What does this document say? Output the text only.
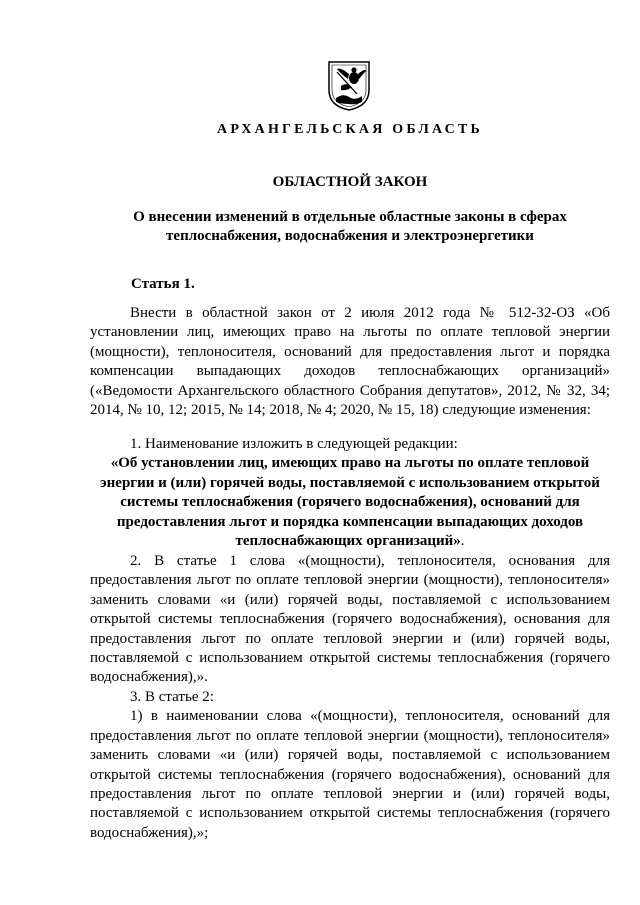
АРХАНГЕЛЬСКАЯ ОБЛАСТЬ
ОБЛАСТНОЙ ЗАКОН
О внесении изменений в отдельные областные законы в сферах теплоснабжения, водоснабжения и электроэнергетики
Статья 1.

Внести в областной закон от 2 июля 2012 года № 512-32-ОЗ «Об установлении лиц, имеющих право на льготы по оплате тепловой энергии (мощности), теплоносителя, оснований для предоставления льгот и порядка компенсации выпадающих доходов теплоснабжающих организаций» («Ведомости Архангельского областного Собрания депутатов», 2012, № 32, 34; 2014, № 10, 12; 2015, № 14; 2018, № 4; 2020, № 15, 18) следующие изменения:

1. Наименование изложить в следующей редакции:

«Об установлении лиц, имеющих право на льготы по оплате тепловой энергии и (или) горячей воды, поставляемой с использованием открытой системы теплоснабжения (горячего водоснабжения), оснований для предоставления льгот и порядка компенсации выпадающих доходов теплоснабжающих организаций».

2. В статье 1 слова «(мощности), теплоносителя, основания для предоставления льгот по оплате тепловой энергии (мощности), теплоносителя» заменить словами «и (или) горячей воды, поставляемой с использованием открытой системы теплоснабжения (горячего водоснабжения), основания для предоставления льгот по оплате тепловой энергии и (или) горячей воды, поставляемой с использованием открытой системы теплоснабжения (горячего водоснабжения),».

3. В статье 2:

1) в наименовании слова «(мощности), теплоносителя, оснований для предоставления льгот по оплате тепловой энергии (мощности), теплоносителя» заменить словами «и (или) горячей воды, поставляемой с использованием открытой системы теплоснабжения (горячего водоснабжения), оснований для предоставления льгот по оплате тепловой энергии и (или) горячей воды, поставляемой с использованием открытой системы теплоснабжения (горячего водоснабжения),»;
